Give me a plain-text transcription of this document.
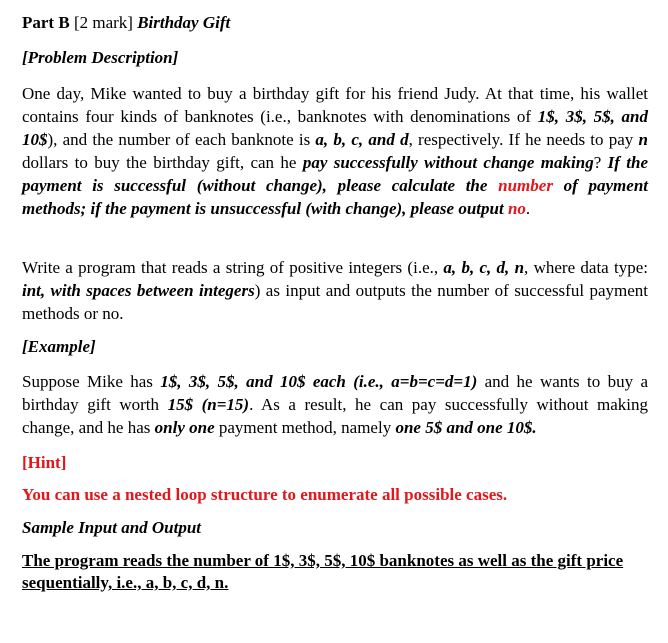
Part B [2 mark] Birthday Gift
[Problem Description]
One day, Mike wanted to buy a birthday gift for his friend Judy. At that time, his wallet contains four kinds of banknotes (i.e., banknotes with denominations of 1$, 3$, 5$, and 10$), and the number of each banknote is a, b, c, and d, respectively. If he needs to pay n dollars to buy the birthday gift, can he pay successfully without change making? If the payment is successful (without change), please calculate the number of payment methods; if the payment is unsuccessful (with change), please output no.
Write a program that reads a string of positive integers (i.e., a, b, c, d, n, where data type: int, with spaces between integers) as input and outputs the number of successful payment methods or no.
[Example]
Suppose Mike has 1$, 3$, 5$, and 10$ each (i.e., a=b=c=d=1) and he wants to buy a birthday gift worth 15$ (n=15). As a result, he can pay successfully without making change, and he has only one payment method, namely one 5$ and one 10$.
[Hint]
You can use a nested loop structure to enumerate all possible cases.
Sample Input and Output
The program reads the number of 1$, 3$, 5$, 10$ banknotes as well as the gift price sequentially, i.e., a, b, c, d, n.
